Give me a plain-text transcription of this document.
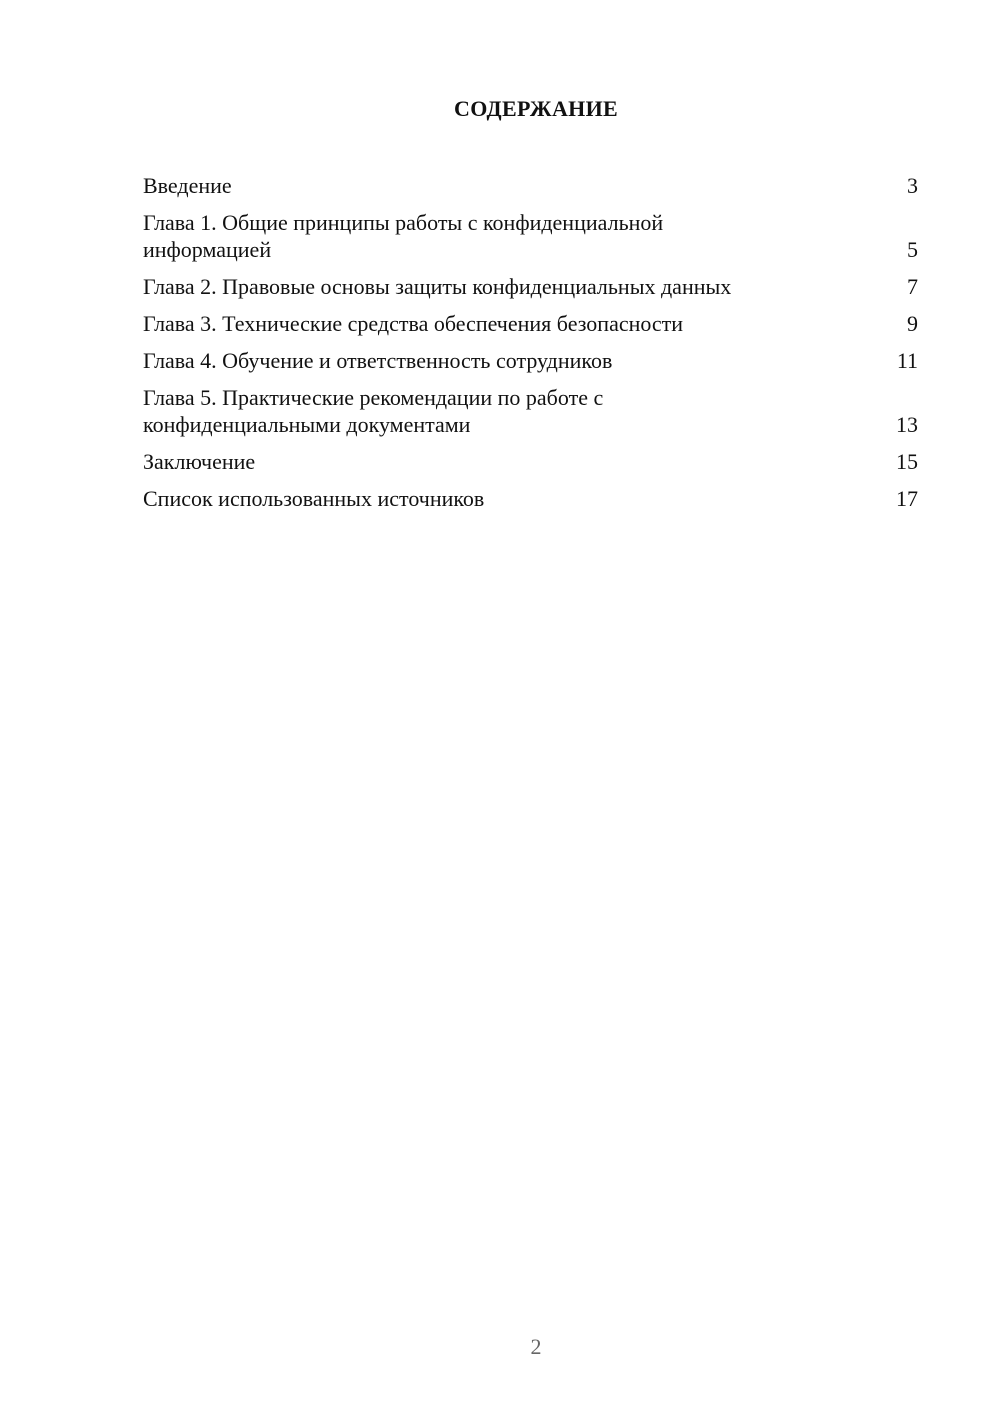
СОДЕРЖАНИЕ
Введение	3
Глава 1. Общие принципы работы с конфиденциальной
информацией	5
Глава 2. Правовые основы защиты конфиденциальных данных	7
Глава 3. Технические средства обеспечения безопасности	9
Глава 4. Обучение и ответственность сотрудников	11
Глава 5. Практические рекомендации по работе с
конфиденциальными документами	13
Заключение	15
Список использованных источников	17
2
